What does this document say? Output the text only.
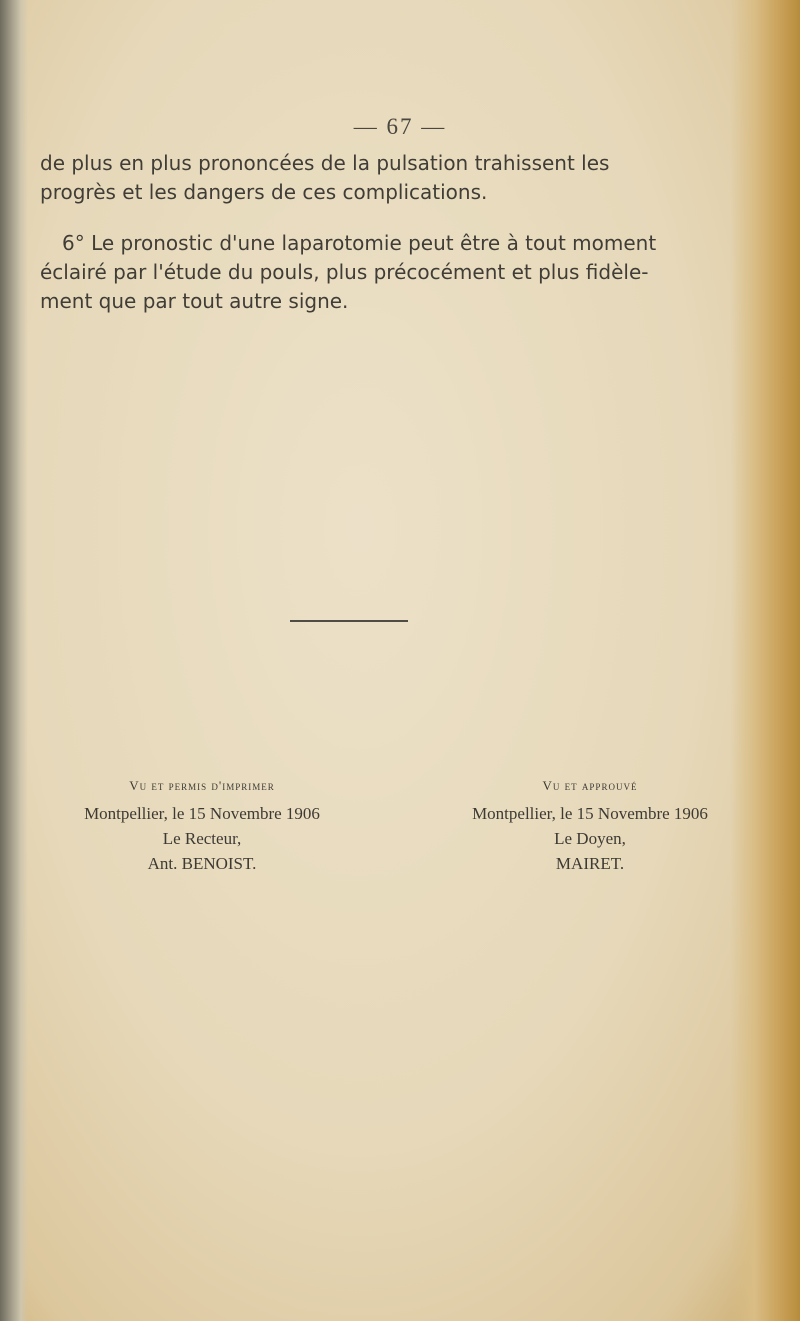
— 67 —

de plus en plus prononcées de la pulsation trahissent les
progrès et les dangers de ces complications.

6° Le pronostic d'une laparotomie peut être à tout moment
éclairé par l'étude du pouls, plus précocément et plus fidèle-
ment que par tout autre signe.

Vu et permis d'imprimer
Montpellier, le 15 Novembre 1906
Le Recteur,
Ant. BENOIST.
Vu et approuvé
Montpellier, le 15 Novembre 1906
Le Doyen,
MAIRET.
